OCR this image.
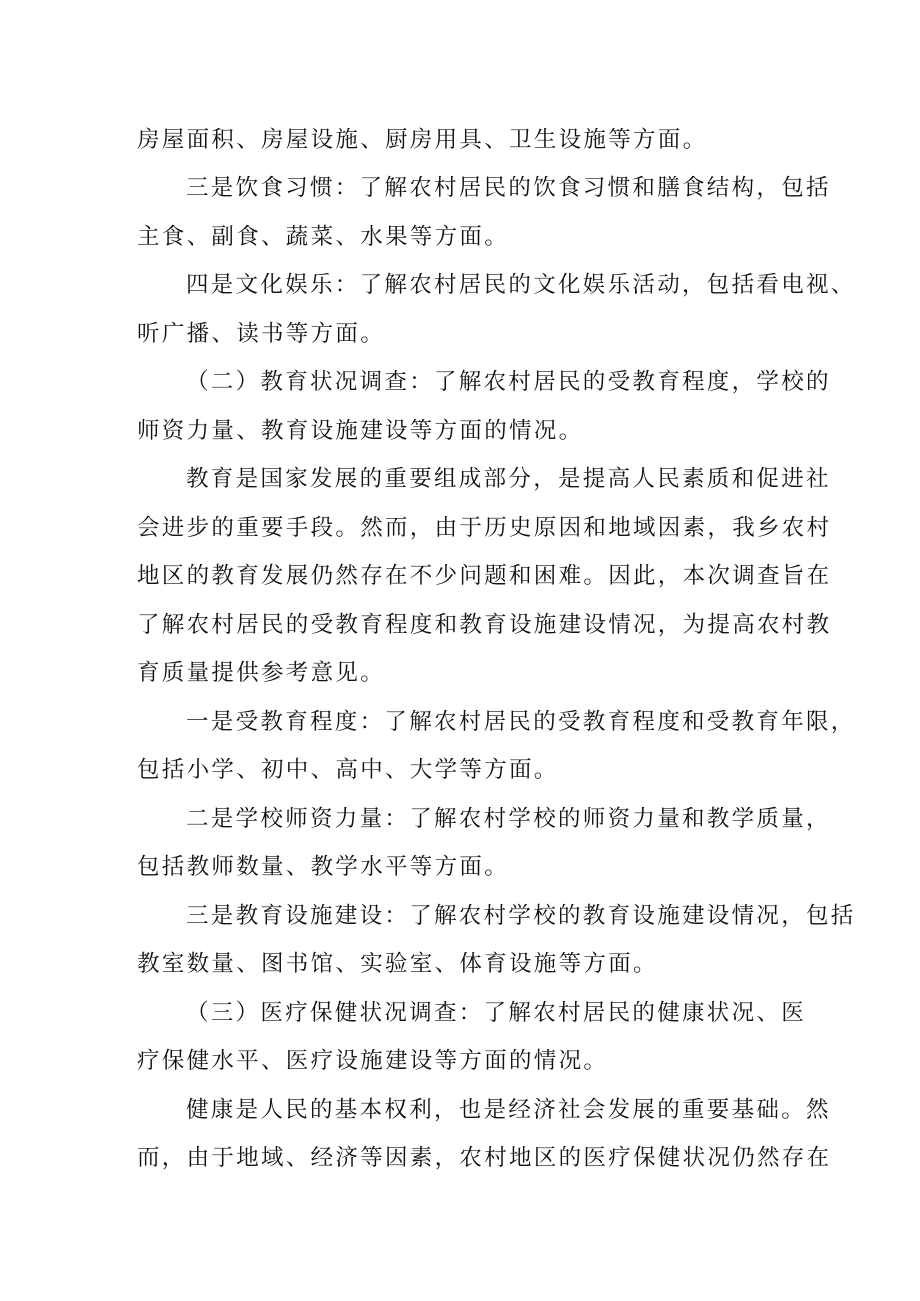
房屋面积、房屋设施、厨房用具、卫生设施等方面。
三是饮食习惯：了解农村居民的饮食习惯和膳食结构，包括
主食、副食、蔬菜、水果等方面。
四是文化娱乐：了解农村居民的文化娱乐活动，包括看电视、
听广播、读书等方面。
（二）教育状况调查：了解农村居民的受教育程度，学校的
师资力量、教育设施建设等方面的情况。
教育是国家发展的重要组成部分，是提高人民素质和促进社
会进步的重要手段。然而，由于历史原因和地域因素，我乡农村
地区的教育发展仍然存在不少问题和困难。因此，本次调查旨在
了解农村居民的受教育程度和教育设施建设情况，为提高农村教
育质量提供参考意见。
一是受教育程度：了解农村居民的受教育程度和受教育年限，
包括小学、初中、高中、大学等方面。
二是学校师资力量：了解农村学校的师资力量和教学质量，
包括教师数量、教学水平等方面。
三是教育设施建设：了解农村学校的教育设施建设情况，包括
教室数量、图书馆、实验室、体育设施等方面。
（三）医疗保健状况调查：了解农村居民的健康状况、医
疗保健水平、医疗设施建设等方面的情况。
健康是人民的基本权利，也是经济社会发展的重要基础。然
而，由于地域、经济等因素，农村地区的医疗保健状况仍然存在
